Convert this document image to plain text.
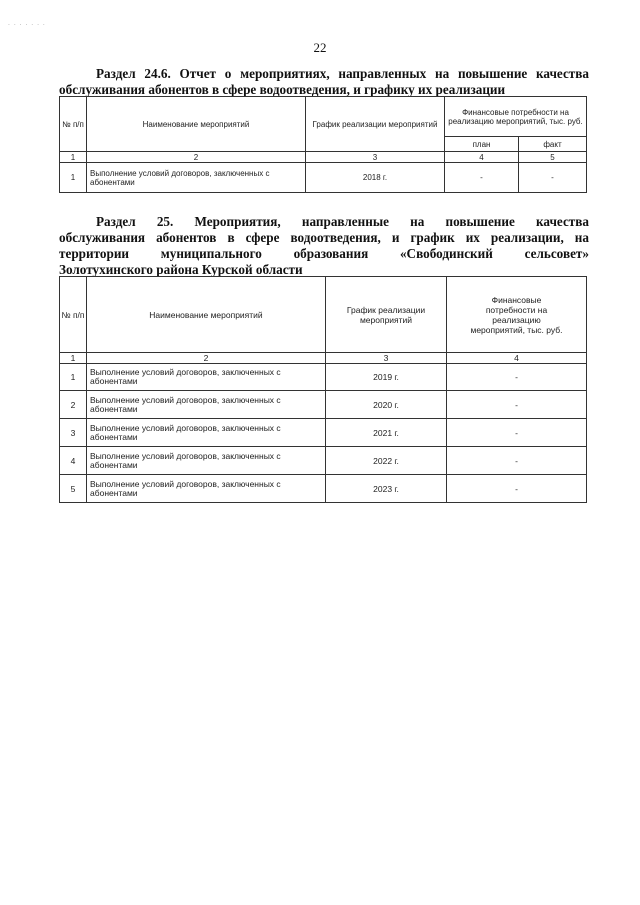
· · · · · · ·
22
Раздел 24.6. Отчет о мероприятиях, направленных на повышение качества
обслуживания абонентов в сфере водоотведения, и графику их реализации
№ п/п	Наименование мероприятий	График реализации мероприятий	Финансовые потребности на реализацию мероприятий, тыс. руб.	
			план	факт
1	2	3	4	5
1	Выполнение условий договоров, заключенных с абонентами	2018 г.	-	-
Раздел 25. Мероприятия, направленные на повышение качества
обслуживания абонентов в сфере водоотведения, и график их реализации, на
территории муниципального образования «Свободинский сельсовет»
Золотухинского района Курской области
№ п/п	Наименование мероприятий	График реализации мероприятий	Финансовые потребности на реализацию мероприятий, тыс. руб.
1	2	3	4
1	Выполнение условий договоров, заключенных с абонентами	2019 г.	-
2	Выполнение условий договоров, заключенных с абонентами	2020 г.	-
3	Выполнение условий договоров, заключенных с абонентами	2021 г.	-
4	Выполнение условий договоров, заключенных с абонентами	2022 г.	-
5	Выполнение условий договоров, заключенных с абонентами	2023 г.	-
